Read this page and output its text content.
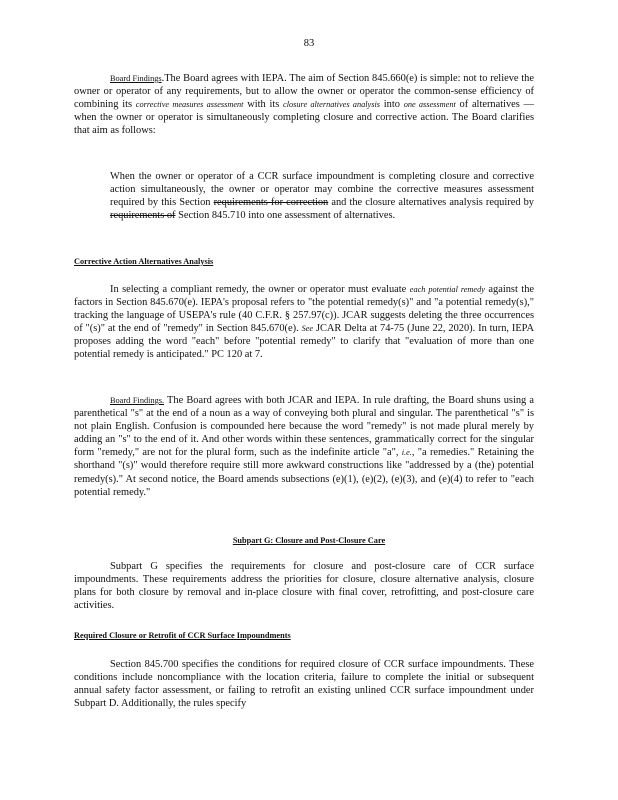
83

Board Findings.The Board agrees with IEPA. The aim of Section 845.660(e) is simple: not to relieve the owner or operator of any requirements, but to allow the owner or operator the common-sense efficiency of combining its corrective measures assessment with its closure alternatives analysis into one assessment of alternatives — when the owner or operator is simultaneously completing closure and corrective action. The Board clarifies that aim as follows:

When the owner or operator of a CCR surface impoundment is completing closure and corrective action simultaneously, the owner or operator may combine the corrective measures assessment required by this Section requirements for correction and the closure alternatives analysis required by requirements of Section 845.710 into one assessment of alternatives.

Corrective Action Alternatives Analysis

In selecting a compliant remedy, the owner or operator must evaluate each potential remedy against the factors in Section 845.670(e). IEPA's proposal refers to "the potential remedy(s)" and "a potential remedy(s)," tracking the language of USEPA's rule (40 C.F.R. § 257.97(c)). JCAR suggests deleting the three occurrences of "(s)" at the end of "remedy" in Section 845.670(e). See JCAR Delta at 74-75 (June 22, 2020). In turn, IEPA proposes adding the word "each" before "potential remedy" to clarify that "evaluation of more than one potential remedy is anticipated." PC 120 at 7.

Board Findings. The Board agrees with both JCAR and IEPA. In rule drafting, the Board shuns using a parenthetical "s" at the end of a noun as a way of conveying both plural and singular. The parenthetical "s" is not plain English. Confusion is compounded here because the word "remedy" is not made plural merely by adding an "s" to the end of it. And other words within these sentences, grammatically correct for the singular form "remedy," are not for the plural form, such as the indefinite article "a", i.e., "a remedies." Retaining the shorthand "(s)" would therefore require still more awkward constructions like "addressed by a (the) potential remedy(s)." At second notice, the Board amends subsections (e)(1), (e)(2), (e)(3), and (e)(4) to refer to "each potential remedy."

Subpart G: Closure and Post-Closure Care

Subpart G specifies the requirements for closure and post-closure care of CCR surface impoundments. These requirements address the priorities for closure, closure alternative analysis, closure plans for both closure by removal and in-place closure with final cover, retrofitting, and post-closure care activities.

Required Closure or Retrofit of CCR Surface Impoundments

Section 845.700 specifies the conditions for required closure of CCR surface impoundments. These conditions include noncompliance with the location criteria, failure to complete the initial or subsequent annual safety factor assessment, or failing to retrofit an existing unlined CCR surface impoundment under Subpart D. Additionally, the rules specify
